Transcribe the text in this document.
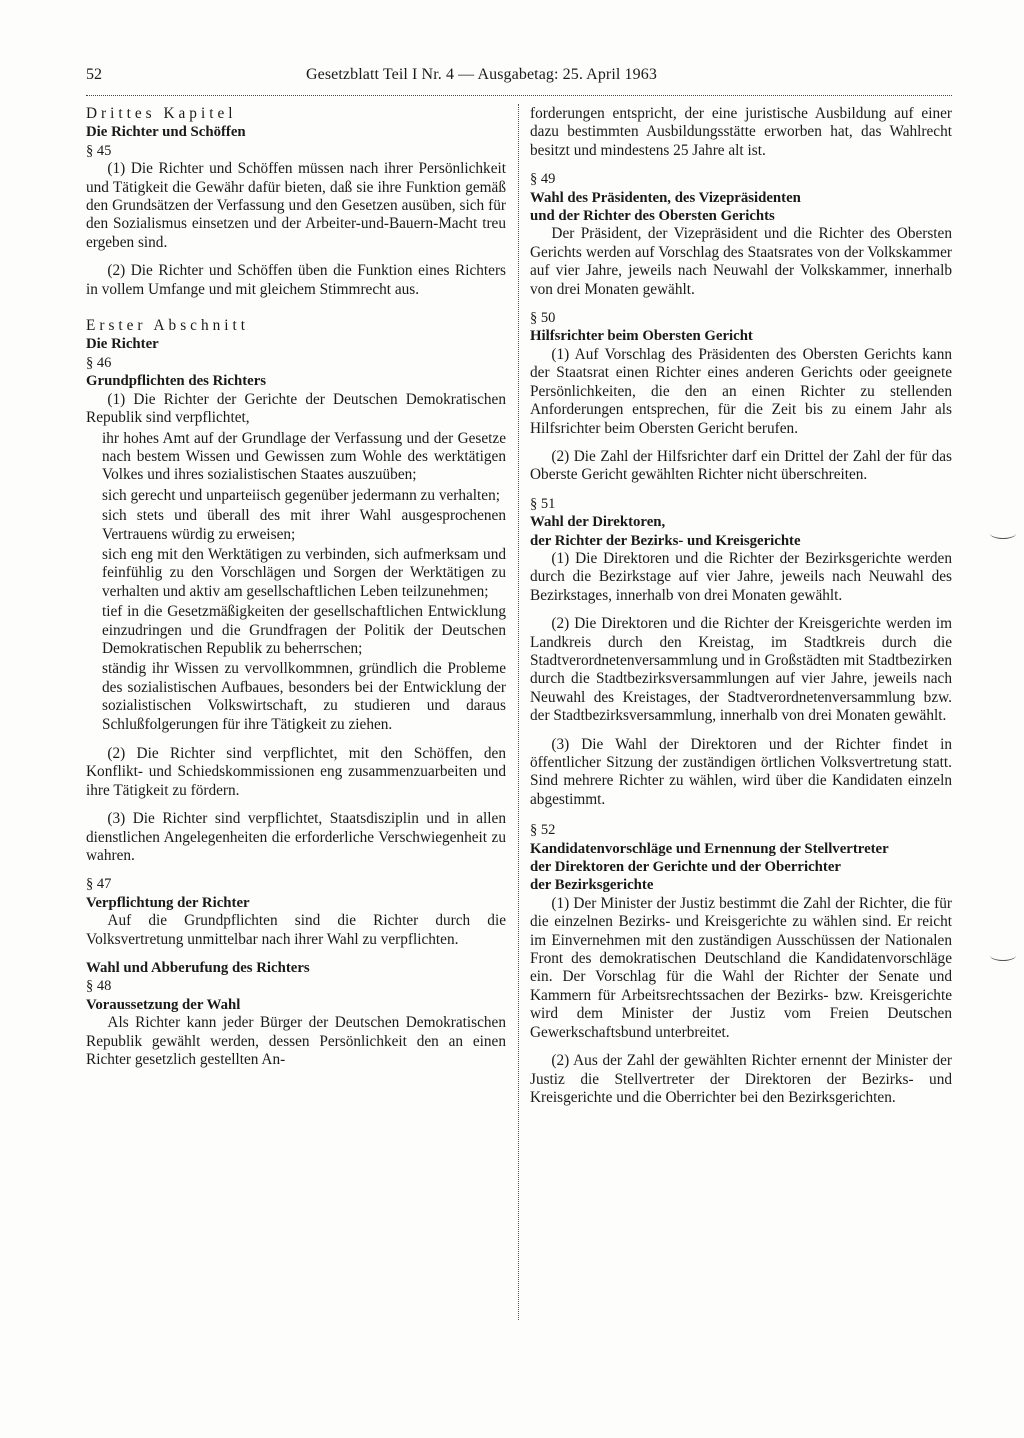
52	Gesetzblatt Teil I Nr. 4 — Ausgabetag: 25. April 1963

Drittes Kapitel

Die Richter und Schöffen

§ 45

(1) Die Richter und Schöffen müssen nach ihrer Persönlichkeit und Tätigkeit die Gewähr dafür bieten, daß sie ihre Funktion gemäß den Grundsätzen der Verfassung und den Gesetzen ausüben, sich für den Sozialismus einsetzen und der Arbeiter-und-Bauern-Macht treu ergeben sind.

(2) Die Richter und Schöffen üben die Funktion eines Richters in vollem Umfange und mit gleichem Stimmrecht aus.

Erster Abschnitt

Die Richter

§ 46

Grundpflichten des Richters

(1) Die Richter der Gerichte der Deutschen Demokratischen Republik sind verpflichtet,

ihr hohes Amt auf der Grundlage der Verfassung und der Gesetze nach bestem Wissen und Gewissen zum Wohle des werktätigen Volkes und ihres sozialistischen Staates auszuüben;

sich gerecht und unparteiisch gegenüber jedermann zu verhalten;

sich stets und überall des mit ihrer Wahl ausgesprochenen Vertrauens würdig zu erweisen;

sich eng mit den Werktätigen zu verbinden, sich aufmerksam und feinfühlig zu den Vorschlägen und Sorgen der Werktätigen zu verhalten und aktiv am gesellschaftlichen Leben teilzunehmen;

tief in die Gesetzmäßigkeiten der gesellschaftlichen Entwicklung einzudringen und die Grundfragen der Politik der Deutschen Demokratischen Republik zu beherrschen;

ständig ihr Wissen zu vervollkommnen, gründlich die Probleme des sozialistischen Aufbaues, besonders bei der Entwicklung der sozialistischen Volkswirtschaft, zu studieren und daraus Schlußfolgerungen für ihre Tätigkeit zu ziehen.

(2) Die Richter sind verpflichtet, mit den Schöffen, den Konflikt- und Schiedskommissionen eng zusammenzuarbeiten und ihre Tätigkeit zu fördern.

(3) Die Richter sind verpflichtet, Staatsdisziplin und in allen dienstlichen Angelegenheiten die erforderliche Verschwiegenheit zu wahren.

§ 47

Verpflichtung der Richter

Auf die Grundpflichten sind die Richter durch die Volksvertretung unmittelbar nach ihrer Wahl zu verpflichten.

Wahl und Abberufung des Richters

§ 48

Voraussetzung der Wahl

Als Richter kann jeder Bürger der Deutschen Demokratischen Republik gewählt werden, dessen Persönlichkeit den an einen Richter gesetzlich gestellten An-

forderungen entspricht, der eine juristische Ausbildung auf einer dazu bestimmten Ausbildungsstätte erworben hat, das Wahlrecht besitzt und mindestens 25 Jahre alt ist.

§ 49

Wahl des Präsidenten, des Vizepräsidenten

und der Richter des Obersten Gerichts

Der Präsident, der Vizepräsident und die Richter des Obersten Gerichts werden auf Vorschlag des Staatsrates von der Volkskammer auf vier Jahre, jeweils nach Neuwahl der Volkskammer, innerhalb von drei Monaten gewählt.

§ 50

Hilfsrichter beim Obersten Gericht

(1) Auf Vorschlag des Präsidenten des Obersten Gerichts kann der Staatsrat einen Richter eines anderen Gerichts oder geeignete Persönlichkeiten, die den an einen Richter zu stellenden Anforderungen entsprechen, für die Zeit bis zu einem Jahr als Hilfsrichter beim Obersten Gericht berufen.

(2) Die Zahl der Hilfsrichter darf ein Drittel der Zahl der für das Oberste Gericht gewählten Richter nicht überschreiten.

§ 51

Wahl der Direktoren,

der Richter der Bezirks- und Kreisgerichte

(1) Die Direktoren und die Richter der Bezirksgerichte werden durch die Bezirkstage auf vier Jahre, jeweils nach Neuwahl des Bezirkstages, innerhalb von drei Monaten gewählt.

(2) Die Direktoren und die Richter der Kreisgerichte werden im Landkreis durch den Kreistag, im Stadtkreis durch die Stadtverordnetenversammlung und in Großstädten mit Stadtbezirken durch die Stadtbezirksversammlungen auf vier Jahre, jeweils nach Neuwahl des Kreistages, der Stadtverordnetenversammlung bzw. der Stadtbezirksversammlung, innerhalb von drei Monaten gewählt.

(3) Die Wahl der Direktoren und der Richter findet in öffentlicher Sitzung der zuständigen örtlichen Volksvertretung statt. Sind mehrere Richter zu wählen, wird über die Kandidaten einzeln abgestimmt.

§ 52

Kandidatenvorschläge und Ernennung der Stellvertreter

der Direktoren der Gerichte und der Oberrichter

der Bezirksgerichte

(1) Der Minister der Justiz bestimmt die Zahl der Richter, die für die einzelnen Bezirks- und Kreisgerichte zu wählen sind. Er reicht im Einvernehmen mit den zuständigen Ausschüssen der Nationalen Front des demokratischen Deutschland die Kandidatenvorschläge ein. Der Vorschlag für die Wahl der Richter der Senate und Kammern für Arbeitsrechtssachen der Bezirks- bzw. Kreisgerichte wird dem Minister der Justiz vom Freien Deutschen Gewerkschaftsbund unterbreitet.

(2) Aus der Zahl der gewählten Richter ernennt der Minister der Justiz die Stellvertreter der Direktoren der Bezirks- und Kreisgerichte und die Oberrichter bei den Bezirksgerichten.
